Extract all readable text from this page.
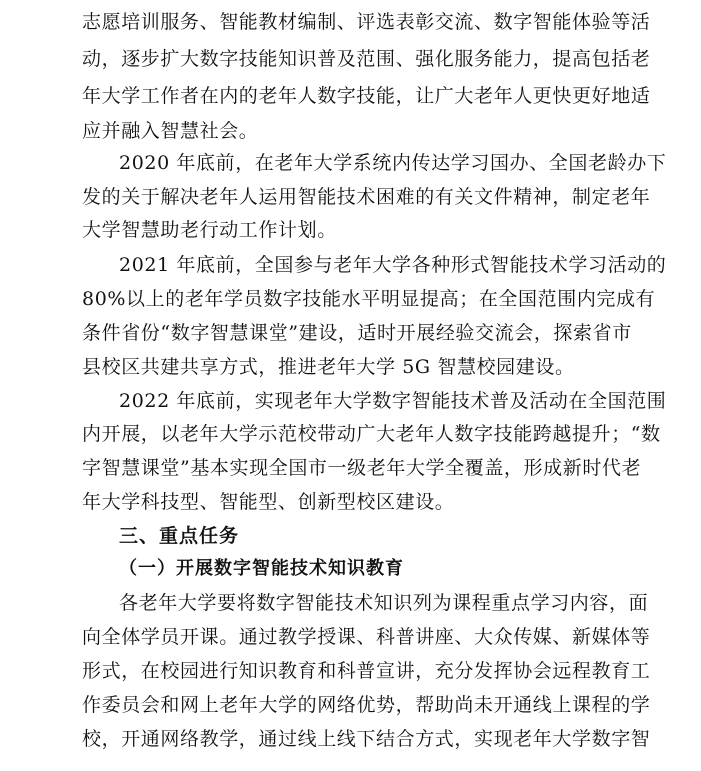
志愿培训服务、智能教材编制、评选表彰交流、数字智能体验等活
动，逐步扩大数字技能知识普及范围、强化服务能力，提高包括老
年大学工作者在内的老年人数字技能，让广大老年人更快更好地适
应并融入智慧社会。
2020 年底前，在老年大学系统内传达学习国办、全国老龄办下
发的关于解决老年人运用智能技术困难的有关文件精神，制定老年
大学智慧助老行动工作计划。
2021 年底前，全国参与老年大学各种形式智能技术学习活动的
80%以上的老年学员数字技能水平明显提高；在全国范围内完成有
条件省份“数字智慧课堂”建设，适时开展经验交流会，探索省市
县校区共建共享方式，推进老年大学 5G 智慧校园建设。
2022 年底前，实现老年大学数字智能技术普及活动在全国范围
内开展，以老年大学示范校带动广大老年人数字技能跨越提升；“数
字智慧课堂”基本实现全国市一级老年大学全覆盖，形成新时代老
年大学科技型、智能型、创新型校区建设。
三、重点任务
（一）开展数字智能技术知识教育
各老年大学要将数字智能技术知识列为课程重点学习内容，面
向全体学员开课。通过教学授课、科普讲座、大众传媒、新媒体等
形式，在校园进行知识教育和科普宣讲，充分发挥协会远程教育工
作委员会和网上老年大学的网络优势，帮助尚未开通线上课程的学
校，开通网络教学，通过线上线下结合方式，实现老年大学数字智
